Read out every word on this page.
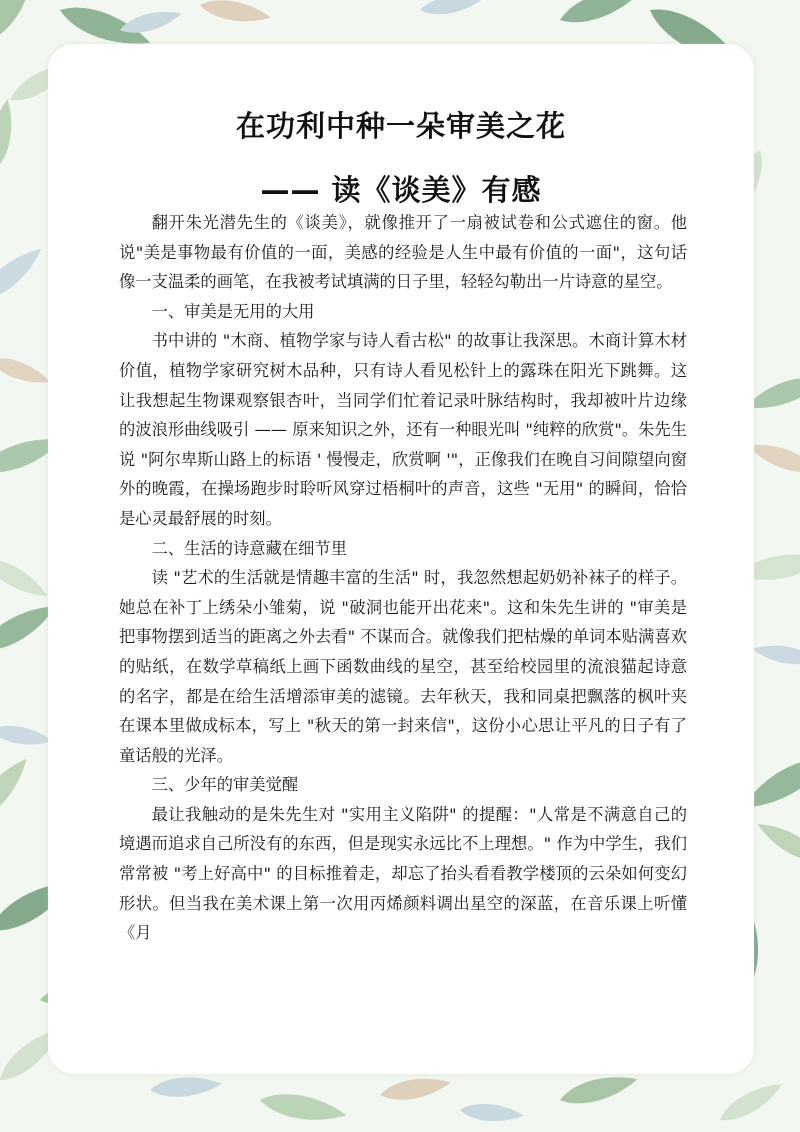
在功利中种一朵审美之花
—— 读《谈美》有感

翻开朱光潜先生的《谈美》，就像推开了一扇被试卷和公式遮住的窗。他说"美是事物最有价值的一面，美感的经验是人生中最有价值的一面"，这句话像一支温柔的画笔，在我被考试填满的日子里，轻轻勾勒出一片诗意的星空。

一、审美是无用的大用

书中讲的 "木商、植物学家与诗人看古松" 的故事让我深思。木商计算木材价值，植物学家研究树木品种，只有诗人看见松针上的露珠在阳光下跳舞。这让我想起生物课观察银杏叶，当同学们忙着记录叶脉结构时，我却被叶片边缘的波浪形曲线吸引 —— 原来知识之外，还有一种眼光叫 "纯粹的欣赏"。朱先生说 "阿尔卑斯山路上的标语 ' 慢慢走，欣赏啊 '"，正像我们在晚自习间隙望向窗外的晚霞，在操场跑步时聆听风穿过梧桐叶的声音，这些 "无用" 的瞬间，恰恰是心灵最舒展的时刻。

二、生活的诗意藏在细节里

读 "艺术的生活就是情趣丰富的生活" 时，我忽然想起奶奶补袜子的样子。她总在补丁上绣朵小雏菊，说 "破洞也能开出花来"。这和朱先生讲的 "审美是把事物摆到适当的距离之外去看" 不谋而合。就像我们把枯燥的单词本贴满喜欢的贴纸，在数学草稿纸上画下函数曲线的星空，甚至给校园里的流浪猫起诗意的名字，都是在给生活增添审美的滤镜。去年秋天，我和同桌把飘落的枫叶夹在课本里做成标本，写上 "秋天的第一封来信"，这份小心思让平凡的日子有了童话般的光泽。

三、少年的审美觉醒

最让我触动的是朱先生对 "实用主义陷阱" 的提醒："人常是不满意自己的境遇而追求自己所没有的东西，但是现实永远比不上理想。" 作为中学生，我们常常被 "考上好高中" 的目标推着走，却忘了抬头看看教学楼顶的云朵如何变幻形状。但当我在美术课上第一次用丙烯颜料调出星空的深蓝，在音乐课上听懂《月
